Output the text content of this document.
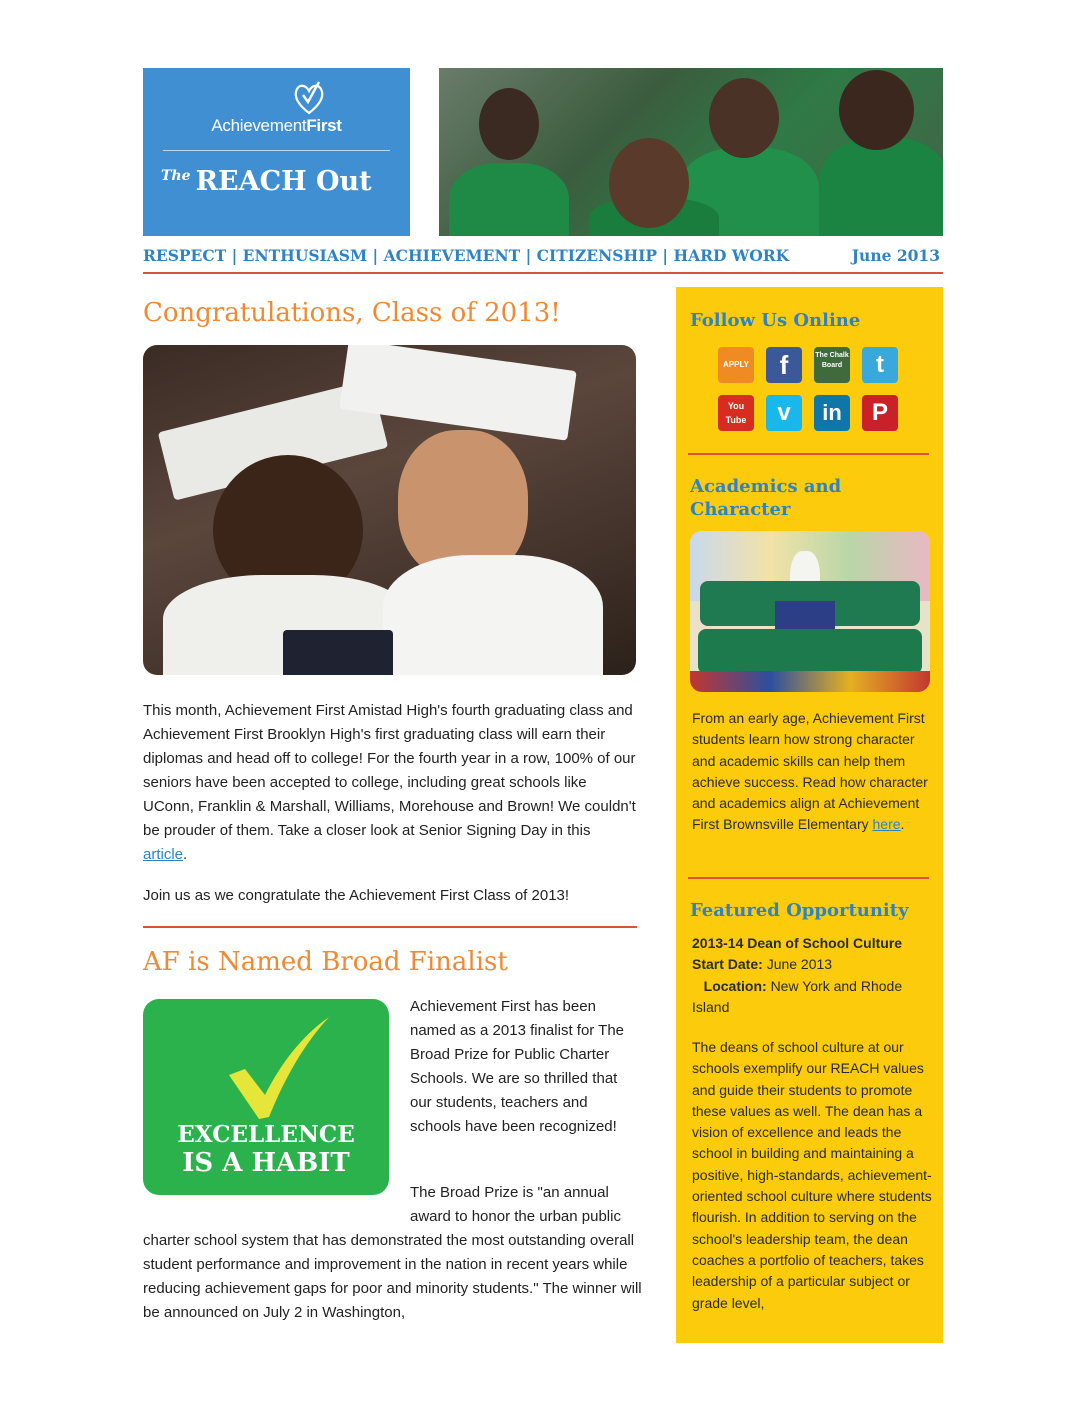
AchievementFirst
The REACH Out
RESPECT | ENTHUSIASM | ACHIEVEMENT | CITIZENSHIP | HARD WORK	June 2013
Congratulations, Class of 2013!

This month, Achievement First Amistad High's fourth graduating class and Achievement First Brooklyn High's first graduating class will earn their diplomas and head off to college! For the fourth year in a row, 100% of our seniors have been accepted to college, including great schools like UConn, Franklin & Marshall, Williams, Morehouse and Brown! We couldn't be prouder of them. Take a closer look at Senior Signing Day in this article.

Join us as we congratulate the Achievement First Class of 2013!

AF is Named Broad Finalist
EXCELLENCE
IS A HABIT

Achievement First has been named as a 2013 finalist for The Broad Prize for Public Charter Schools. We are so thrilled that our students, teachers and schools have been recognized!

The Broad Prize is "an annual award to honor the urban public

charter school system that has demonstrated the most outstanding overall student performance and improvement in the nation in recent years while reducing achievement gaps for poor and minority students." The winner will be announced on July 2 in Washington,

Follow Us Online
APPLY	f	The Chalk Board	t
You Tube	v	in	P
Academics and
Character

From an early age, Achievement First students learn how strong character and academic skills can help them achieve success. Read how character and academics align at Achievement First Brownsville Elementary here.

Featured Opportunity

2013-14 Dean of School Culture
Start Date: June 2013
Location: New York and Rhode Island

The deans of school culture at our schools exemplify our REACH values and guide their students to promote these values as well. The dean has a vision of excellence and leads the school in building and maintaining a positive, high-standards, achievement-oriented school culture where students flourish. In addition to serving on the school's leadership team, the dean coaches a portfolio of teachers, takes leadership of a particular subject or grade level,
